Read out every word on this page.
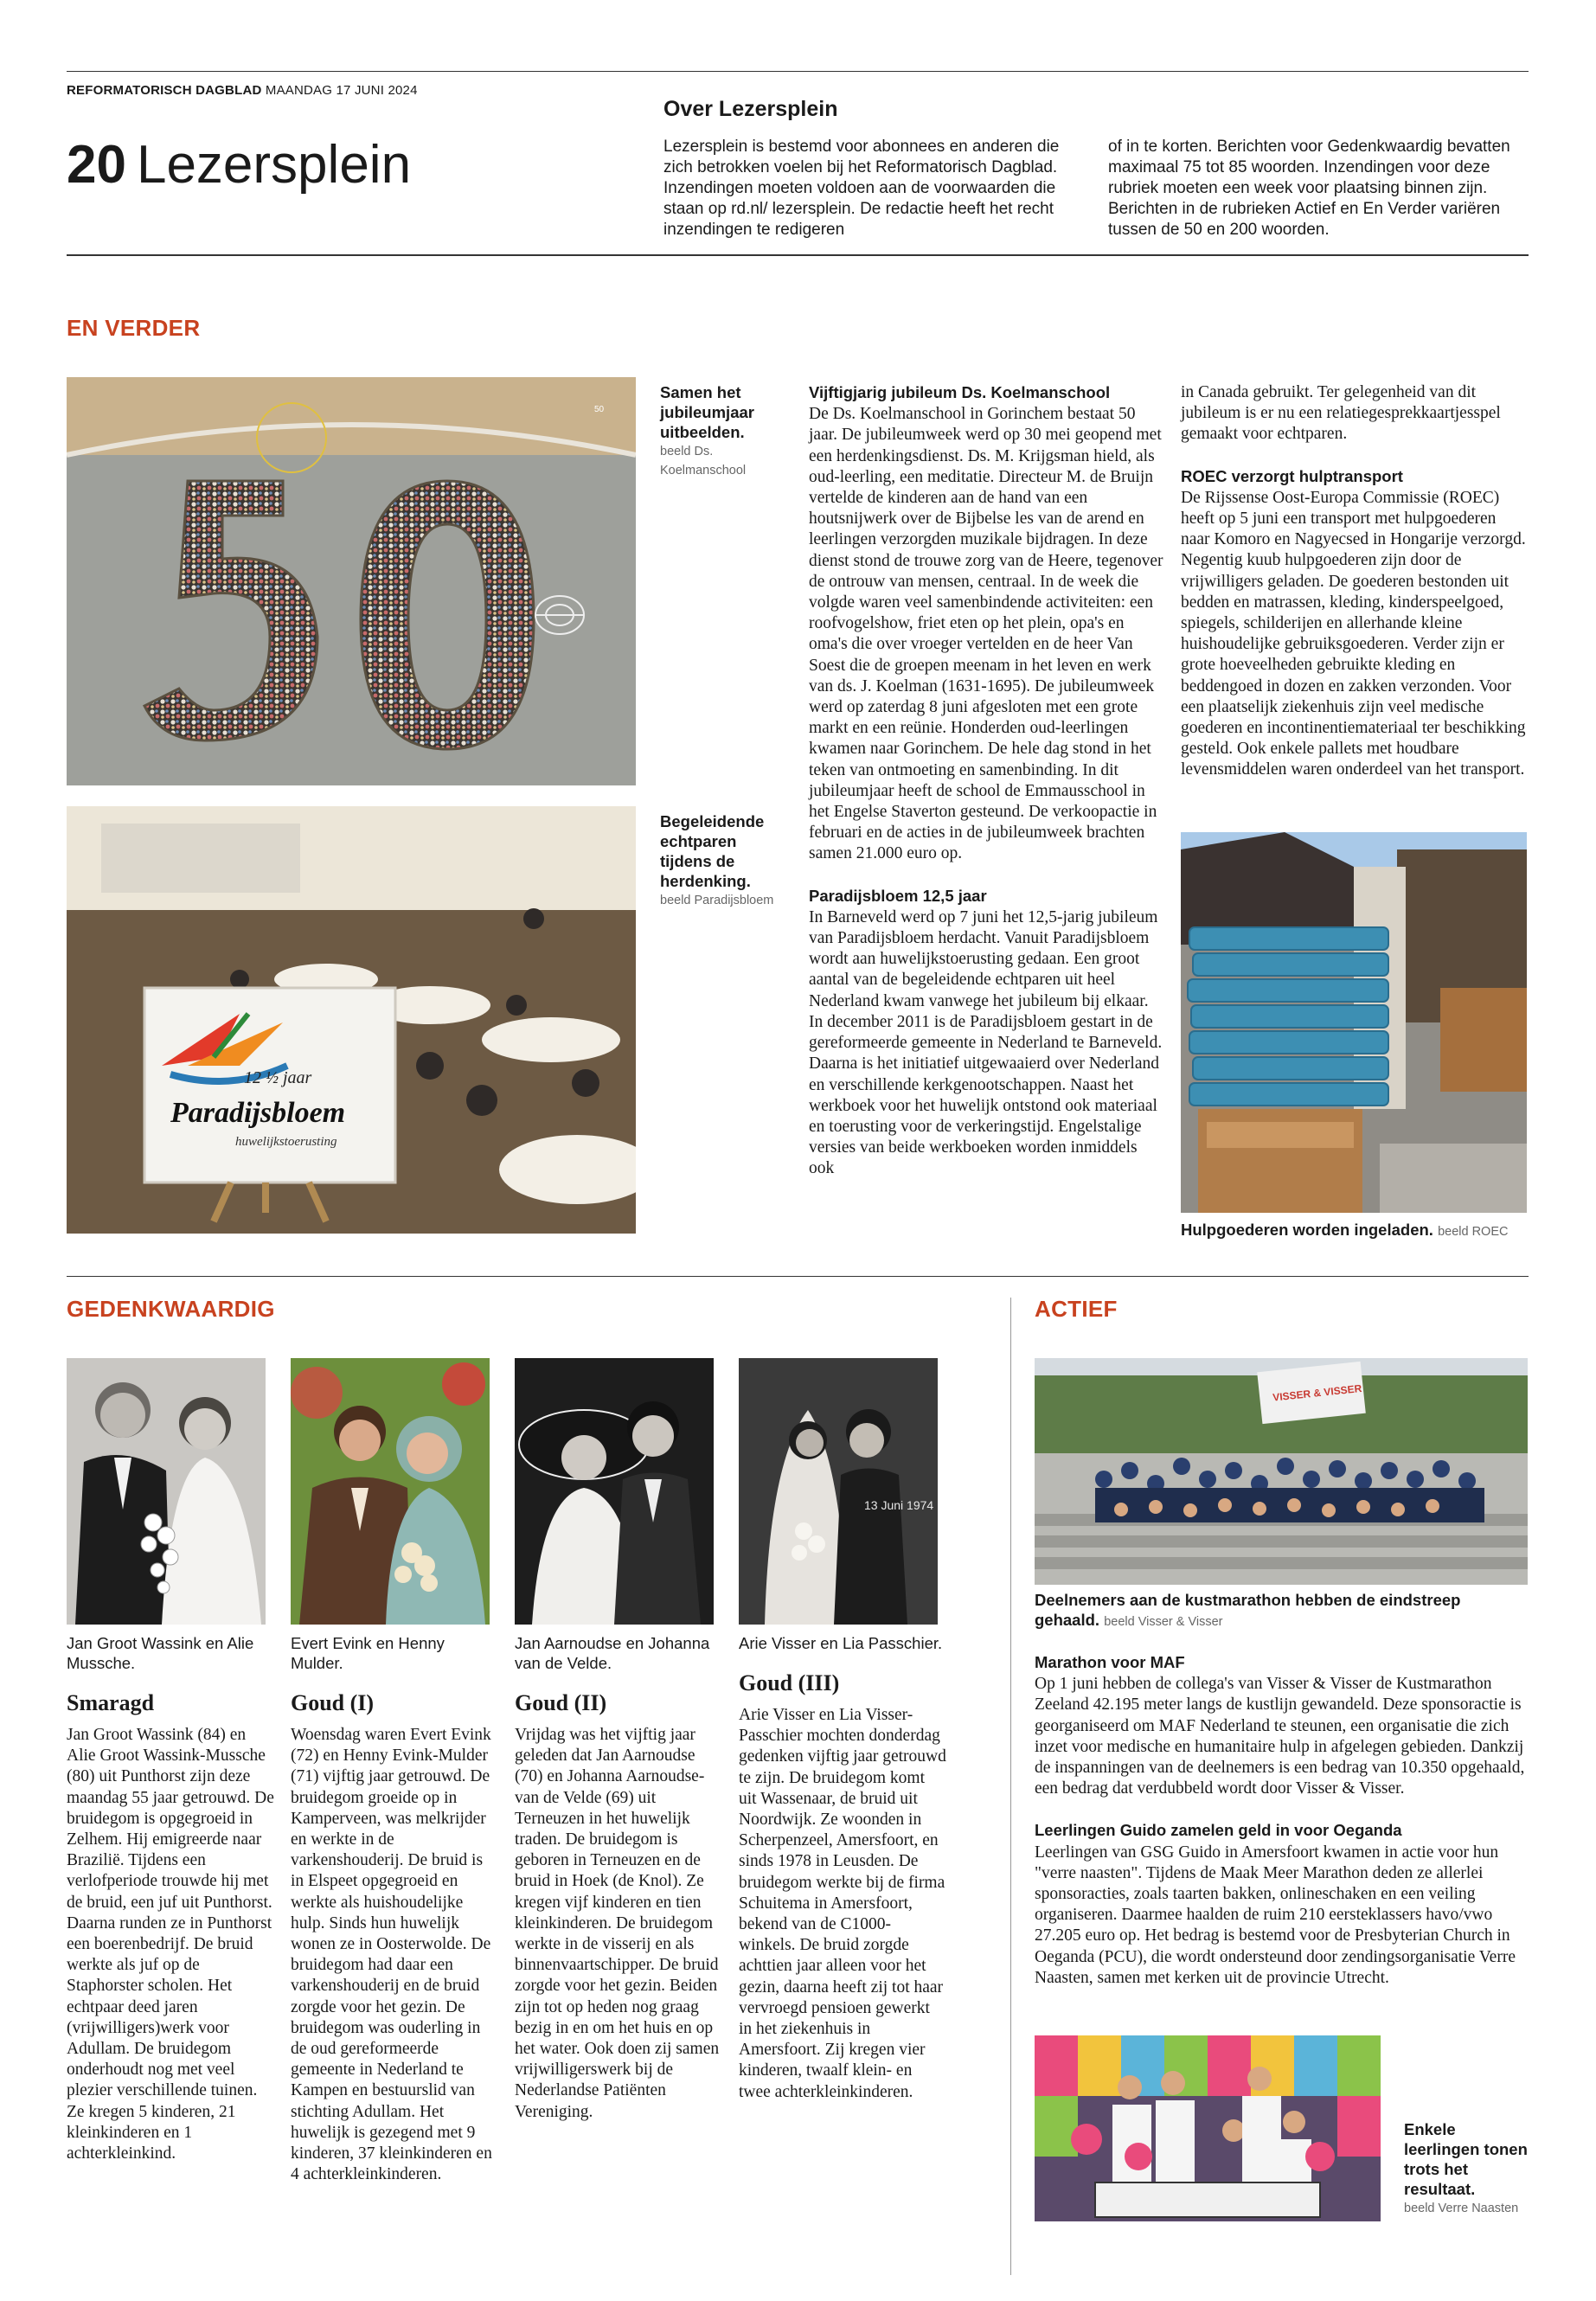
REFORMATORISCH DAGBLAD MAANDAG 17 JUNI 2024
20 Lezersplein
Over Lezersplein
Lezersplein is bestemd voor abonnees en anderen die zich betrokken voelen bij het Reformatorisch Dagblad. Inzendingen moeten voldoen aan de voorwaarden die staan op rd.nl/ lezersplein. De redactie heeft het recht inzendingen te redigeren
of in te korten. Berichten voor Gedenkwaardig bevatten maximaal 75 tot 85 woorden. Inzendingen voor deze rubriek moeten een week voor plaatsing binnen zijn. Berichten in de rubrieken Actief en En Verder variëren tussen de 50 en 200 woorden.
EN VERDER
50
Samen het jubileumjaar uitbeelden.
beeld Ds. Koelmanschool
12 ½ jaar
Paradijsbloem
huwelijkstoerusting
Begeleidende echtparen tijdens de herdenking.
beeld Paradijsbloem
Vijftigjarig jubileum Ds. Koelmanschool
De Ds. Koelmanschool in Gorinchem bestaat 50 jaar. De jubileumweek werd op 30 mei geopend met een herdenkingsdienst. Ds. M. Krijgsman hield, als oud-leerling, een meditatie. Directeur M. de Bruijn vertelde de kinderen aan de hand van een houtsnijwerk over de Bijbelse les van de arend en leerlingen verzorgden muzikale bijdragen. In deze dienst stond de trouwe zorg van de Heere, tegenover de ontrouw van mensen, centraal. In de week die volgde waren veel samenbindende activiteiten: een roofvogelshow, friet eten op het plein, opa's en oma's die over vroeger vertelden en de heer Van Soest die de groepen meenam in het leven en werk van ds. J. Koelman (1631-1695). De jubileumweek werd op zaterdag 8 juni afgesloten met een grote markt en een reünie. Honderden oud-leerlingen kwamen naar Gorinchem. De hele dag stond in het teken van ontmoeting en samenbinding. In dit jubileumjaar heeft de school de Emmausschool in het Engelse Staverton gesteund. De verkoopactie in februari en de acties in de jubileumweek brachten samen 21.000 euro op.
Paradijsbloem 12,5 jaar
In Barneveld werd op 7 juni het 12,5-jarig jubileum van Paradijsbloem herdacht. Vanuit Paradijsbloem wordt aan huwelijkstoerusting gedaan. Een groot aantal van de begeleidende echtparen uit heel Nederland kwam vanwege het jubileum bij elkaar. In december 2011 is de Paradijsbloem gestart in de gereformeerde gemeente in Nederland te Barneveld. Daarna is het initiatief uitgewaaierd over Nederland en verschillende kerkgenootschappen. Naast het werkboek voor het huwelijk ontstond ook materiaal en toerusting voor de verkeringstijd. Engelstalige versies van beide werkboeken worden inmiddels ook
in Canada gebruikt. Ter gelegenheid van dit jubileum is er nu een relatiegesprekkaartjesspel gemaakt voor echtparen.
ROEC verzorgt hulptransport
De Rijssense Oost-Europa Commissie (ROEC) heeft op 5 juni een transport met hulpgoederen naar Komoro en Nagyecsed in Hongarije verzorgd. Negentig kuub hulpgoederen zijn door de vrijwilligers geladen. De goederen bestonden uit bedden en matrassen, kleding, kinderspeelgoed, spiegels, schilderijen en allerhande kleine huishoudelijke gebruiksgoederen. Verder zijn er grote hoeveelheden gebruikte kleding en beddengoed in dozen en zakken verzonden. Voor een plaatselijk ziekenhuis zijn veel medische goederen en incontinentiemateriaal ter beschikking gesteld. Ook enkele pallets met houdbare levensmiddelen waren onderdeel van het transport.
Hulpgoederen worden ingeladen. beeld ROEC
GEDENKWAARDIG
13 Juni 1974
Jan Groot Wassink en Alie Mussche.
Smaragd
Jan Groot Wassink (84) en Alie Groot Wassink-Mussche (80) uit Punthorst zijn deze maandag 55 jaar getrouwd. De bruidegom is opgegroeid in Zelhem. Hij emigreerde naar Brazilië. Tijdens een verlofperiode trouwde hij met de bruid, een juf uit Punthorst. Daarna runden ze in Punthorst een boerenbedrijf. De bruid werkte als juf op de Staphorster scholen. Het echtpaar deed jaren (vrijwilligers)werk voor Adullam. De bruidegom onderhoudt nog met veel plezier verschillende tuinen. Ze kregen 5 kinderen, 21 kleinkinderen en 1 achterkleinkind.
Evert Evink en Henny Mulder.
Goud (I)
Woensdag waren Evert Evink (72) en Henny Evink-Mulder (71) vijftig jaar getrouwd. De bruidegom groeide op in Kamperveen, was melkrijder en werkte in de varkenshouderij. De bruid is in Elspeet opgegroeid en werkte als huishoudelijke hulp. Sinds hun huwelijk wonen ze in Oosterwolde. De bruidegom had daar een varkenshouderij en de bruid zorgde voor het gezin. De bruidegom was ouderling in de oud gereformeerde gemeente in Nederland te Kampen en bestuurslid van stichting Adullam. Het huwelijk is gezegend met 9 kinderen, 37 kleinkinderen en 4 achterkleinkinderen.
Jan Aarnoudse en Johanna van de Velde.
Goud (II)
Vrijdag was het vijftig jaar geleden dat Jan Aarnoudse (70) en Johanna Aarnoudse-van de Velde (69) uit Terneuzen in het huwelijk traden. De bruidegom is geboren in Terneuzen en de bruid in Hoek (de Knol). Ze kregen vijf kinderen en tien kleinkinderen. De bruidegom werkte in de visserij en als binnenvaartschipper. De bruid zorgde voor het gezin. Beiden zijn tot op heden nog graag bezig in en om het huis en op het water. Ook doen zij samen vrijwilligerswerk bij de Nederlandse Patiënten Vereniging.
Arie Visser en Lia Passchier.
Goud (III)
Arie Visser en Lia Visser-Passchier mochten donderdag gedenken vijftig jaar getrouwd te zijn. De bruidegom komt uit Wassenaar, de bruid uit Noordwijk. Ze woonden in Scherpenzeel, Amersfoort, en sinds 1978 in Leusden. De bruidegom werkte bij de firma Schuitema in Amersfoort, bekend van de C1000-winkels. De bruid zorgde achttien jaar alleen voor het gezin, daarna heeft zij tot haar vervroegd pensioen gewerkt in het ziekenhuis in Amersfoort. Zij kregen vier kinderen, twaalf klein- en twee achterkleinkinderen.
ACTIEF
VISSER & VISSER
Deelnemers aan de kustmarathon hebben de eindstreep gehaald. beeld Visser & Visser
Marathon voor MAF
Op 1 juni hebben de collega's van Visser & Visser de Kustmarathon Zeeland 42.195 meter langs de kustlijn gewandeld. Deze sponsoractie is georganiseerd om MAF Nederland te steunen, een organisatie die zich inzet voor medische en humanitaire hulp in afgelegen gebieden. Dankzij de inspanningen van de deelnemers is een bedrag van 10.350 opgehaald, een bedrag dat verdubbeld wordt door Visser & Visser.
Leerlingen Guido zamelen geld in voor Oeganda
Leerlingen van GSG Guido in Amersfoort kwamen in actie voor hun "verre naasten". Tijdens de Maak Meer Marathon deden ze allerlei sponsoracties, zoals taarten bakken, onlineschaken en een veiling organiseren. Daarmee haalden de ruim 210 eersteklassers havo/vwo 27.205 euro op. Het bedrag is bestemd voor de Presbyterian Church in Oeganda (PCU), die wordt ondersteund door zendingsorganisatie Verre Naasten, samen met kerken uit de provincie Utrecht.
Enkele leerlingen tonen trots het resultaat.
beeld Verre Naasten
